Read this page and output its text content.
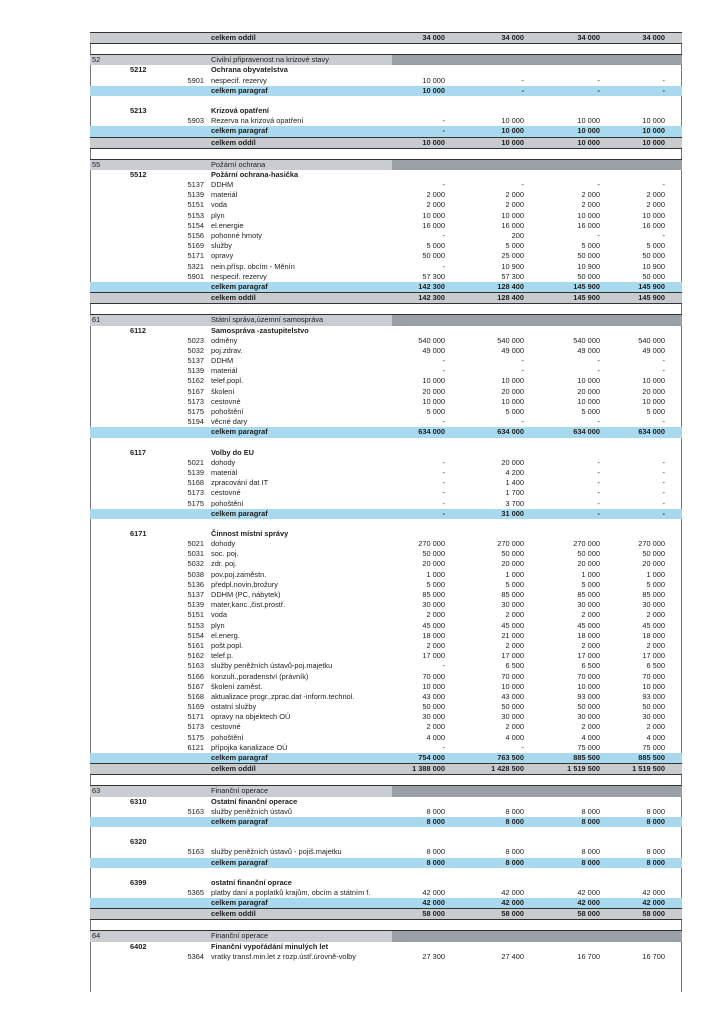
celkem oddíl	34 000	34 000	34 000	34 000
52	Civilní připravenost na krizové stavy
5212	Ochrana obyvatelstva
5901 nespecif. rezervy	10 000	-	-	-
celkem paragraf	10 000	-	-	-
5213	Krizová opatření
5903 Rezerva na krizová opatření	-	10 000	10 000	10 000
celkem paragraf	-	10 000	10 000	10 000
celkem oddíl	10 000	10 000	10 000	10 000
55	Požární ochrana
5512	Požární ochrana-hasička
5137 DDHM	-	-	-	-
5139 materiál	2 000	2 000	2 000	2 000
5151 voda	2 000	2 000	2 000	2 000
5153 plyn	10 000	10 000	10 000	10 000
5154 el.energie	16 000	16 000	16 000	16 000
5156 pohonné hmoty	-	200	-	-
5169 služby	5 000	5 000	5 000	5 000
5171 opravy	50 000	25 000	50 000	50 000
5321 nein.přísp. obcím - Měnín	-	10 900	10 900	10 900
5901 nespecif. rezervy	57 300	57 300	50 000	50 000
celkem paragraf	142 300	128 400	145 900	145 900
celkem oddíl	142 300	128 400	145 900	145 900
61	Státní správa,územní samospráva
6112	Samospráva -zastupitelstvo
5023 odměny	540 000	540 000	540 000	540 000
5032 poj.zdrav.	49 000	49 000	49 000	49 000
5137 DDHM	-	-	-	-
5139 materiál	-	-	-	-
5162 telef.popl.	10 000	10 000	10 000	10 000
5167 školení	20 000	20 000	20 000	20 000
5173 cestovné	10 000	10 000	10 000	10 000
5175 pohoštění	5 000	5 000	5 000	5 000
5194 věcné dary	-	-	-	-
celkem paragraf	634 000	634 000	634 000	634 000
6117	Volby do EU
5021 dohody	-	20 000	-	-
5139 materiál	-	4 200	-	-
5168 zpracování dat IT	-	1 400	-	-
5173 cestovné	-	1 700	-	-
5175 pohoštění	-	3 700	-	-
celkem paragraf	-	31 000	-	-
6171	Činnost místní správy
5021 dohody	270 000	270 000	270 000	270 000
5031 soc. poj.	50 000	50 000	50 000	50 000
5032 zdr. poj.	20 000	20 000	20 000	20 000
5038 pov.poj.zaměstn.	1 000	1 000	1 000	1 000
5136 předpl.novin,brožury	5 000	5 000	5 000	5 000
5137 DDHM (PC, nábytek)	85 000	85 000	85 000	85 000
5139 mater,kanc.,čist.prostř.	30 000	30 000	30 000	30 000
5151 voda	2 000	2 000	2 000	2 000
5153 plyn	45 000	45 000	45 000	45 000
5154 el.energ.	18 000	21 000	18 000	18 000
5161 pošt.popl.	2 000	2 000	2 000	2 000
5162 telef.p.	17 000	17 000	17 000	17 000
5163 služby peněžních ústavů-poj.majetku	-	6 500	6 500	6 500
5166 konzult.,poradenství (právník)	70 000	70 000	70 000	70 000
5167 školení zaměst.	10 000	10 000	10 000	10 000
5168 aktualizace progr.,zprac.dat -inform.technol.	43 000	43 000	93 000	93 000
5169 ostatní služby	50 000	50 000	50 000	50 000
5171 opravy na objektech OÚ	30 000	30 000	30 000	30 000
5173 cestovné	2 000	2 000	2 000	2 000
5175 pohoštění	4 000	4 000	4 000	4 000
6121 přípojka kanalizace OÚ	-	-	75 000	75 000
celkem paragraf	754 000	763 500	885 500	885 500
celkem oddíl	1 388 000	1 428 500	1 519 500	1 519 500
63	Finanční operace
6310	Ostatní finanční operace
5163 služby peněžních ústavů	8 000	8 000	8 000	8 000
celkem paragraf	8 000	8 000	8 000	8 000
6320
5163 služby peněžních ústavů - pojiš.majetku	8 000	8 000	8 000	8 000
celkem paragraf	8 000	8 000	8 000	8 000
6399	ostatní finanční oprace
5365 platby daní a poplatků krajům, obcím a státním f.	42 000	42 000	42 000	42 000
celkem paragraf	42 000	42 000	42 000	42 000
celkem oddíl	58 000	58 000	58 000	58 000
64	Finanční operace
6402	Finanční vypořádání minulých let
5364 vratky transf.min.let z rozp.ústř.úrovně-volby	27 300	27 400	16 700	16 700
